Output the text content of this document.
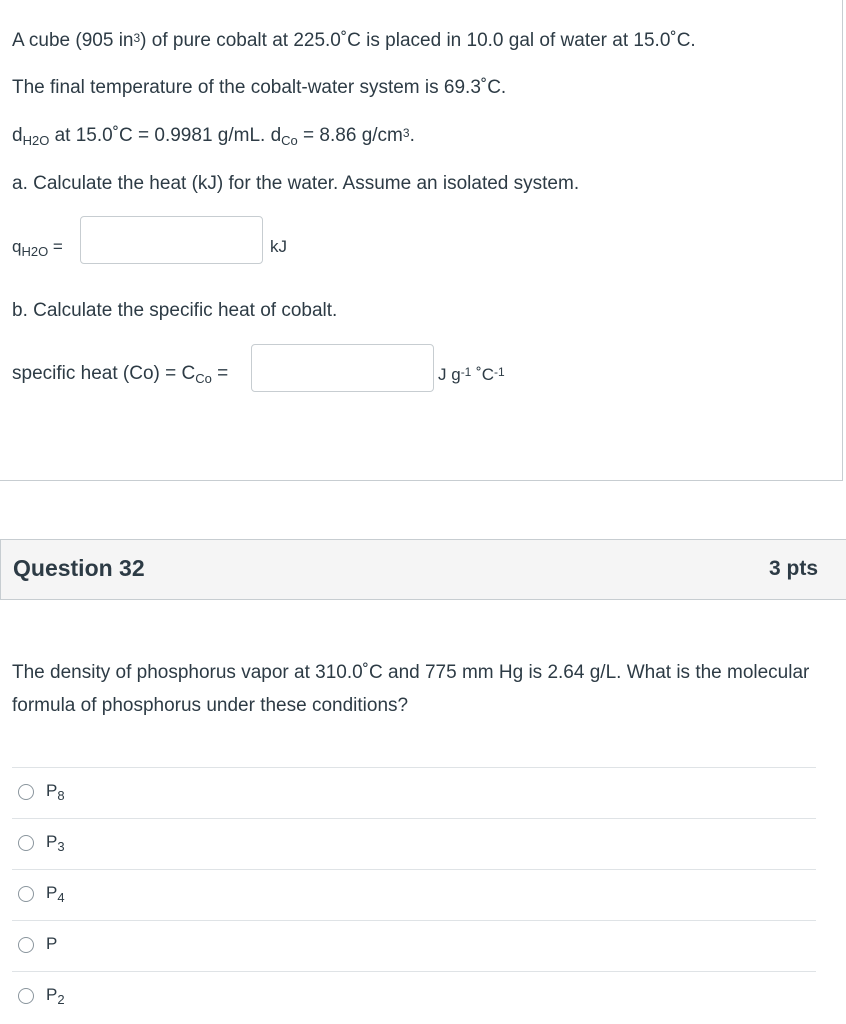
A cube (905 $in^3$) of pure cobalt at 225.0˚C is placed in 10.0 gal of water at 15.0˚C.
The final temperature of the cobalt-water system is 69.3˚C.
$d_{H2O}$ at 15.0˚C = 0.9981 g/mL. $d_{Co} = 8.86$ $g/cm^3$.
a. Calculate the heat (kJ) for the water. Assume an isolated system.
$q_{H2O}$ =	kJ
b. Calculate the specific heat of cobalt.
specific heat $(Co) = C_{Co}$ =	J $g^{-1}$ $˚C^{-1}$
Question 32	3 pts
The density of phosphorus vapor at 310.0˚C and 775 mm Hg is 2.64 g/L. What is the molecular formula of phosphorus under these conditions?
$P_8$
$P_3$
$P_4$
P
$P_2$
